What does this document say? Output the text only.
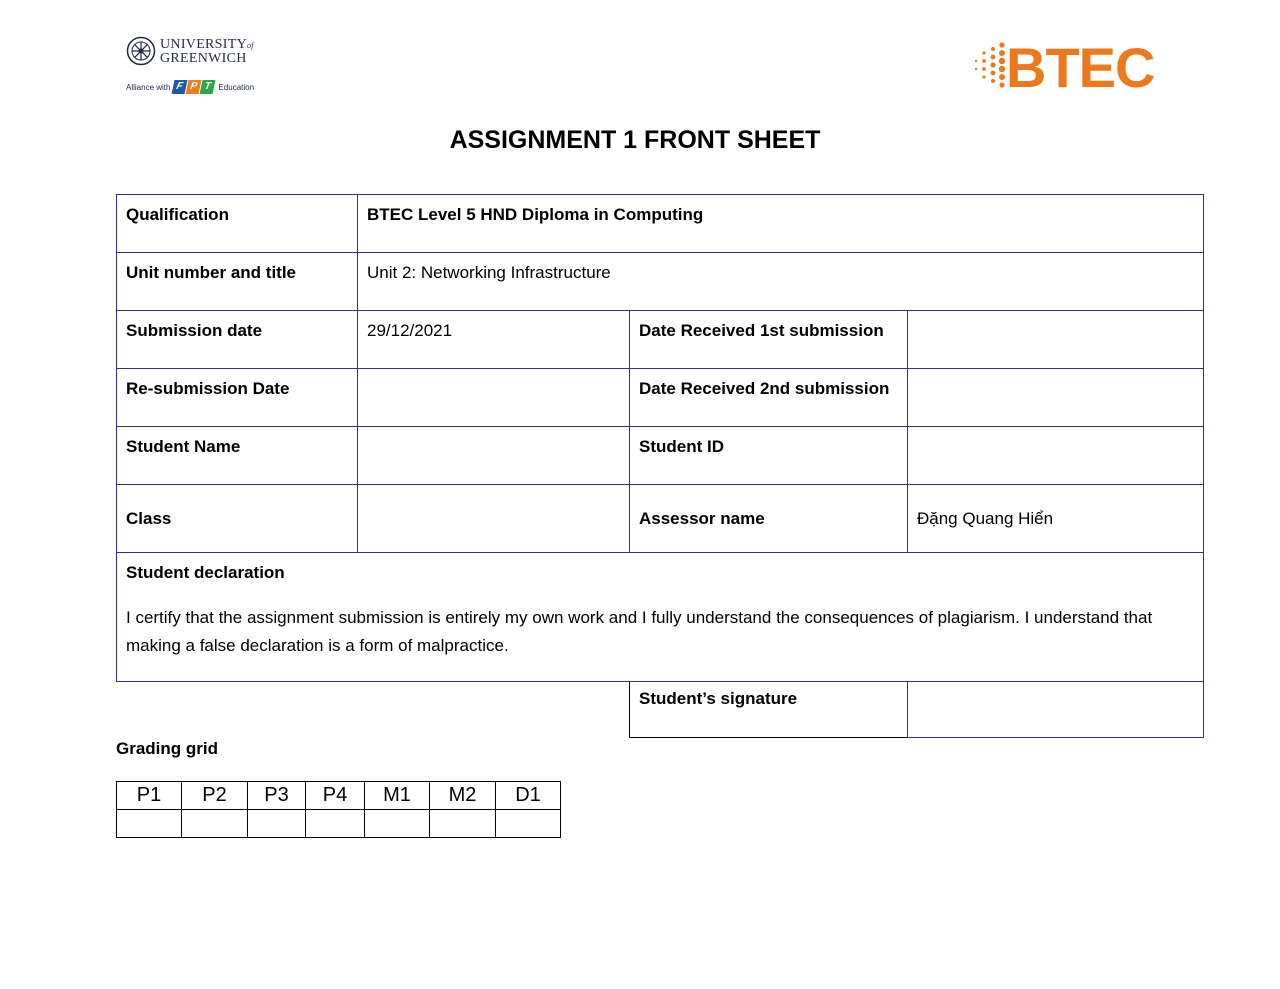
UNIVERSITYof
GREENWICH
Alliance with F P T Education	BTEC
ASSIGNMENT 1 FRONT SHEET
Qualification	BTEC Level 5 HND Diploma in Computing		
Unit number and title	Unit 2: Networking Infrastructure		
Submission date	29/12/2021	Date Received 1st submission	
Re-submission Date		Date Received 2nd submission	
Student Name		Student ID	
Class		Assessor name	Đặng Quang Hiển

Student declaration
I certify that the assignment submission is entirely my own work and I fully understand the consequences of plagiarism. I understand that making a false declaration is a form of malpractice.			
Student’s signature	
Grading grid
P1	P2	P3	P4	M1	M2	D1
